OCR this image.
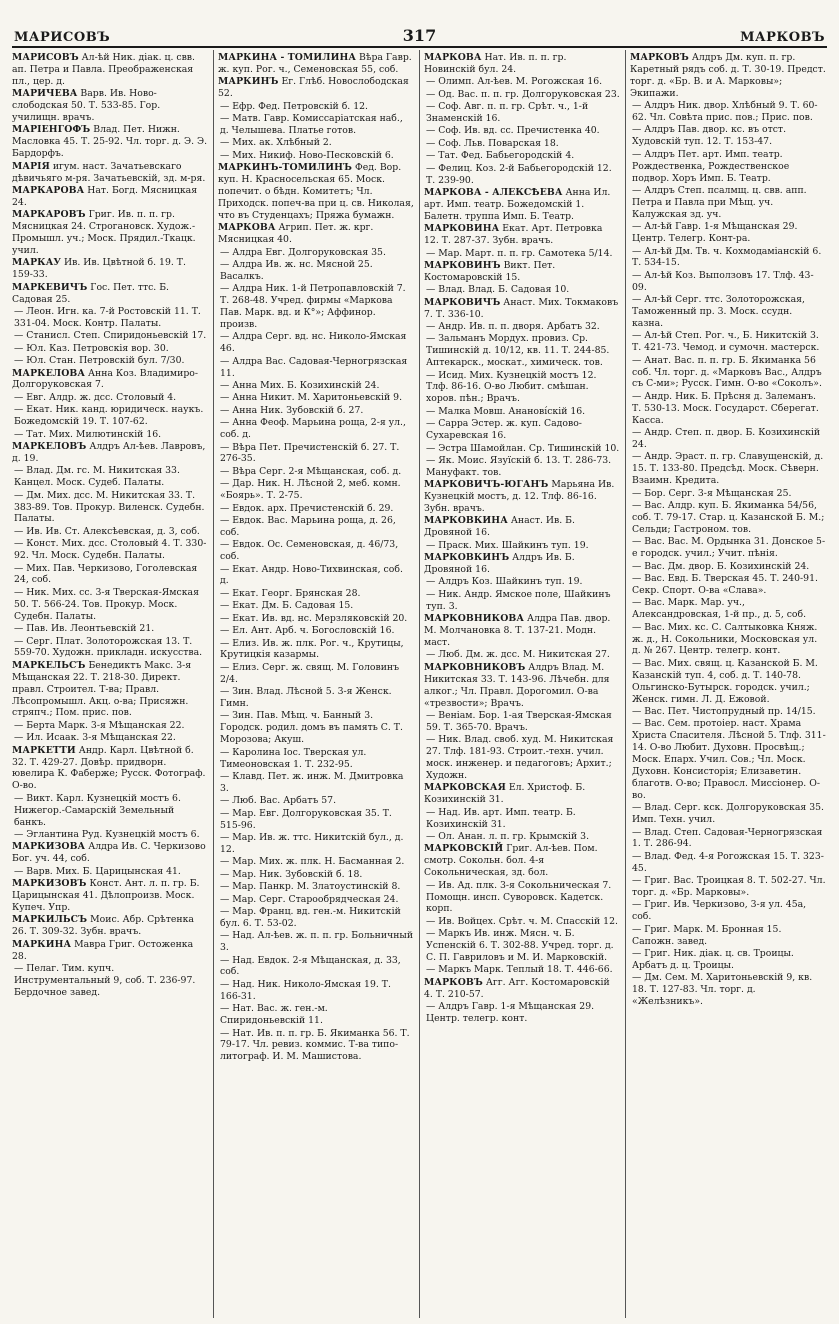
МАРИСОВЪ	317	МАРКОВЪ
МАРИСОВЪ Ал-ѣй Ник. діак. ц. свв. ап. Петра и Павла. Преображенская пл., цер. д.
МАРИЧЕВА Варв. Ив. Ново-слободская 50. Т. 533-85. Гор. училищн. врачъ.
МАРІЕНГОФЪ Влад. Пет. Нижн. Масловка 45. Т. 25-92. Чл. торг. д. Э. Э. Бардорфъ.
МАРІЯ игум. наст. Зачатьевскаго дѣвичьяго м-ря. Зачатьевскій, зд. м-ря.
МАРКАРОВА Нат. Богд. Мясницкая 24.
МАРКАРОВЪ Григ. Ив. п. п. гр. Мясницкая 24. Строгановск. Худож.-Промышл. уч.; Моск. Прядил.-Ткацк. учил.
МАРКАУ Ив. Ив. Цвѣтной б. 19. Т. 159-33.
МАРКЕВИЧЪ Гос. Пет. ттс. Б. Садовая 25.
— Леон. Игн. ка. 7-й Ростовскій 11. Т. 331-04. Моск. Контр. Палаты.
— Станисл. Степ. Спиридоньевскій 17.
— Юл. Каз. Петровскія вор. 30.
— Юл. Стан. Петровскій бул. 7/30.
МАРКЕЛОВА Анна Коз. Владимиро-Долгоруковская 7.
— Евг. Алдр. ж. дсс. Столовый 4.
— Екат. Ник. канд. юридическ. наукъ. Божедомскій 19. Т. 107-62.
— Тат. Мих. Милютинскій 16.
МАРКЕЛОВЪ Алдръ Ал-ѣев. Лавровъ, д. 19.
— Влад. Дм. гс. М. Никитская 33. Канцел. Моск. Судеб. Палаты.
— Дм. Мих. дсс. М. Никитская 33. Т. 383-89. Тов. Прокур. Виленск. Судебн. Палаты.
— Ив. Ив. Ст. Алексѣевская, д. 3, соб.
— Конст. Мих. дсс. Столовый 4. Т. 330-92. Чл. Моск. Судебн. Палаты.
— Мих. Пав. Черкизово, Гоголевская 24, соб.
— Ник. Мих. сс. 3-я Тверская-Ямская 50. Т. 566-24. Тов. Прокур. Моск. Судебн. Палаты.
— Пав. Ив. Леонтьевскій 21.
— Серг. Плат. Золоторожская 13. Т. 559-70. Художн. прикладн. искусства.
МАРКЕЛЬСЪ Бенедиктъ Макс. 3-я Мѣщанская 22. Т. 218-30. Директ. правл. Строител. Т-ва; Правл. Лѣсопромышл. Акц. о-ва; Присяжн. стряпч.; Пом. прис. пов.
— Берта Марк. 3-я Мѣщанская 22.
— Ил. Исаак. 3-я Мѣщанская 22.
МАРКЕТТИ Андр. Карл. Цвѣтной б. 32. Т. 429-27. Довѣр. придворн. ювелира К. Фаберже; Русск. Фотограф. О-во.
— Викт. Карл. Кузнецкій мостъ 6. Нижегор.-Самарскій Земельный банкъ.
— Эглантина Руд. Кузнецкій мостъ 6.
МАРКИЗОВА Алдра Ив. С. Черкизово Бог. уч. 44, соб.
— Варв. Мих. Б. Царицынская 41.
МАРКИЗОВЪ Конст. Ант. л. п. гр. Б. Царицынская 41. Дѣлопроизв. Моск. Купеч. Упр.
МАРКИЛЬСЪ Моис. Абр. Срѣтенка 26. Т. 309-32. Зубн. врачъ.
МАРКИНА Мавра Григ. Остоженка 28.
— Пелаг. Тим. купч. Инструментальный 9, соб. Т. 236-97. Бердочное завед.
МАРКИНА - ТОМИЛИНА Вѣра Гавр. ж. куп. Рог. ч., Семеновская 55, соб.
МАРКИНЪ Ег. Глѣб. Новослободская 52.
— Ефр. Фед. Петровскій б. 12.
— Матв. Гавр. Комиссаріатская наб., д. Челышева. Платье готов.
— Мих. ак. Хлѣбный 2.
— Мих. Никиф. Ново-Песковскій 6.
МАРКИНЪ-ТОМИЛИНЪ Фед. Вор. куп. Н. Красносельская 65. Моск. попечит. о бѣдн. Комитетъ; Чл. Приходск. попеч-ва при ц. св. Николая, что въ Студенцахъ; Пряжа бумажн.
МАРКОВА Агрип. Пет. ж. крг. Мясницкая 40.
— Алдра Евг. Долгоруковская 35.
— Алдра Ив. ж. нс. Мясной 25. Васалкъ.
— Алдра Ник. 1-й Петропавловскій 7. Т. 268-48. Учред. фирмы «Маркова Пав. Марк. вд. и К°»; Аффинор. произв.
— Алдра Серг. вд. нс. Николо-Ямская 46.
— Алдра Вас. Садовая-Черногрязская 11.
— Анна Мих. Б. Козихинскій 24.
— Анна Никит. М. Харитоньевскій 9.
— Анна Ник. Зубовскій б. 27.
— Анна Феоф. Марьина роща, 2-я ул., соб. д.
— Вѣра Пет. Пречистенскій б. 27. Т. 276-35.
— Вѣра Серг. 2-я Мѣщанская, соб. д.
— Дар. Ник. Н. Лѣсной 2, меб. комн. «Боярь». Т. 2-75.
— Евдок. арх. Пречистенскій б. 29.
— Евдок. Вас. Марьина роща, д. 26, соб.
— Евдок. Ос. Семеновская, д. 46/73, соб.
— Екат. Андр. Ново-Тихвинская, соб. д.
— Екат. Георг. Брянская 28.
— Екат. Дм. Б. Садовая 15.
— Екат. Ив. вд. нс. Мерзляковскій 20.
— Ел. Ант. Арб. ч. Богословскій 16.
— Елиз. Ив. ж. плк. Рог. ч., Крутицы, Крутицкія казармы.
— Елиз. Серг. ж. свящ. М. Головинъ 2/4.
— Зин. Влад. Лѣсной 5. 3-я Женск. Гимн.
— Зин. Пав. Мѣщ. ч. Банный 3. Городск. родил. домъ въ память С. Т. Морозова; Акуш.
— Каролина Іос. Тверская ул. Тимеоновская 1. Т. 232-95.
— Клавд. Пет. ж. инж. М. Дмитровка 3.
— Люб. Вас. Арбатъ 57.
— Мар. Евг. Долгоруковская 35. Т. 515-96.
— Мар. Ив. ж. ттс. Никитскій бул., д. 12.
— Мар. Мих. ж. плк. Н. Басманная 2.
— Мар. Ник. Зубовскій б. 18.
— Мар. Панкр. М. Златоустинскій 8.
— Мар. Серг. Старообрядческая 24.
— Мар. Франц. вд. ген.-м. Никитскій бул. 6. Т. 53-02.
— Над. Ал-ѣев. ж. п. п. гр. Больничный 3.
— Над. Евдок. 2-я Мѣщанская, д. 33, соб.
— Над. Ник. Николо-Ямская 19. Т. 166-31.
— Нат. Вас. ж. ген.-м. Спиридоньевскій 11.
— Нат. Ив. п. п. гр. Б. Якиманка 56. Т. 79-17. Чл. ревиз. коммис. Т-ва типо-литограф. И. М. Машистова.
МАРКОВА Нат. Ив. п. п. гр. Новинскій бул. 24.
— Олимп. Ал-ѣев. М. Рогожская 16.
— Од. Вас. п. п. гр. Долгоруковская 23.
— Соф. Авг. п. п. гр. Срѣт. ч., 1-й Знаменскій 16.
— Соф. Ив. вд. сс. Пречистенка 40.
— Соф. Льв. Поварская 18.
— Тат. Фед. Бабьегородскій 4.
— Фелиц. Коз. 2-й Бабьегородскій 12. Т. 239-90.
МАРКОВА - АЛЕКСѢЕВА Анна Ил. арт. Имп. театр. Божедомскій 1. Балетн. труппа Имп. Б. Театр.
МАРКОВИНА Екат. Арт. Петровка 12. Т. 287-37. Зубн. врачъ.
— Мар. Март. п. п. гр. Самотека 5/14.
МАРКОВИНЪ Викт. Пет. Костомаровскій 15.
— Влад. Влад. Б. Садовая 10.
МАРКОВИЧЪ Анаст. Мих. Токмаковъ 7. Т. 336-10.
— Андр. Ив. п. п. дворя. Арбатъ 32.
— Зальманъ Мордух. провиз. Ср. Тишинскій д. 10/12, кв. 11. Т. 244-85. Аптекарск., москат., химическ. тов.
— Исид. Мих. Кузнецкій мостъ 12. Тлф. 86-16. О-во Любит. смѣшан. хоров. пѣн.; Врачъ.
— Малка Мовш. Ананові́скій 16.
— Сарра Эстер. ж. куп. Садово-Сухаревская 16.
— Эстра Шамойлан. Ср. Тишинскій 10.
— Як. Моис. Язуїскій б. 13. Т. 286-73. Мануфакт. тов.
МАРКОВИЧЪ-ЮГАНЪ Марьяна Ив. Кузнецкій мостъ, д. 12. Тлф. 86-16. Зубн. врачъ.
МАРКОВКИНА Анаст. Ив. Б. Дровяной 16.
— Праск. Мих. Шайкинъ туп. 19.
МАРКОВКИНЪ Алдръ Ив. Б. Дровяной 16.
— Алдръ Коз. Шайкинъ туп. 19.
— Ник. Андр. Ямское поле, Шайкинъ туп. 3.
МАРКОВНИКОВА Алдра Пав. двор. М. Молчановка 8. Т. 137-21. Модн. маст.
— Люб. Дм. ж. дсс. М. Никитская 27.
МАРКОВНИКОВЪ Алдръ Влад. М. Никитская 33. Т. 143-96. Лѣчебн. для алког.; Чл. Правл. Дорогомил. О-ва «трезвости»; Врачъ.
— Веніам. Бор. 1-ая Тверская-Ямская 59. Т. 365-70. Врачъ.
— Ник. Влад. своб. худ. М. Никитская 27. Тлф. 181-93. Строит.-техн. учил. моск. инженер. и педагоговъ; Архит.; Художн.
МАРКОВСКАЯ Ел. Христоф. Б. Козихинскій 31.
— Над. Ив. арт. Имп. театр. Б. Козихинскій 31.
— Ол. Анан. л. п. гр. Крымскій 3.
МАРКОВСКІЙ Григ. Ал-ѣев. Пом. смотр. Сокольн. бол. 4-я Сокольническая, зд. бол.
— Ив. Ад. плк. 3-я Сокольническая 7. Помощн. инсп. Суворовск. Кадетск. корп.
— Ив. Войцех. Срѣт. ч. М. Спасскій 12.
— Маркъ Ив. инж. Мясн. ч. Б. Успенскій 6. Т. 302-88. Учред. торг. д. С. П. Гавриловъ и М. И. Марковскій.
— Маркъ Марк. Теплый 18. Т. 446-66.
МАРКОВЪ Агг. Агг. Костомаровскій 4. Т. 210-57.
— Алдръ Гавр. 1-я Мѣщанская 29. Центр. телегр. конт.
МАРКОВЪ Алдръ Дм. куп. п. гр. Каретный рядъ соб. д. Т. 30-19. Предст. торг. д. «Бр. В. и А. Марковы»; Экипажи.
— Алдръ Ник. двор. Хлѣбный 9. Т. 60-62. Чл. Совѣта прис. пов.; Прис. пов.
— Алдръ Пав. двор. кс. въ отст. Худовскій туп. 12. Т. 153-47.
— Алдръ Пет. арт. Имп. театр. Рождественка, Рождественское подвор. Хоръ Имп. Б. Театр.
— Алдръ Степ. псалмщ. ц. свв. апп. Петра и Павла при Мѣщ. уч. Калужская зд. уч.
— Ал-ѣй Гавр. 1-я Мѣщанская 29. Центр. Телегр. Конт-ра.
— Ал-ѣй Дм. Тв. ч. Кохмодаміанскій 6. Т. 534-15.
— Ал-ѣй Коз. Выползовъ 17. Тлф. 43-09.
— Ал-ѣй Серг. ттс. Золоторожская, Таможенный пр. 3. Моск. ссудн. казна.
— Ал-ѣй Степ. Рог. ч., Б. Никитскій 3. Т. 421-73. Чемод. и сумочн. мастерск.
— Анат. Вас. п. п. гр. Б. Якиманка 56 соб. Чл. торг. д. «Марковъ Вас., Алдръ съ С-ми»; Русск. Гимн. О-во «Соколъ».
— Андр. Ник. Б. Прѣсня д. Залеманъ. Т. 530-13. Моск. Государст. Сберегат. Касса.
— Андр. Степ. п. двор. Б. Козихинскій 24.
— Андр. Эраст. п. гр. Славущенскій, д. 15. Т. 133-80. Предсѣд. Моск. Сѣверн. Взаимн. Кредита.
— Бор. Серг. 3-я Мѣщанская 25.
— Вас. Алдр. куп. Б. Якиманка 54/56, соб. Т. 79-17. Стар. ц. Казанской Б. М.; Сельди; Гастроном. тов.
— Вас. Вас. М. Ордынка 31. Донское 5-е городск. учил.; Учит. пѣнія.
— Вас. Дм. двор. Б. Козихинскій 24.
— Вас. Евд. Б. Тверская 45. Т. 240-91. Секр. Спорт. О-ва «Слава».
— Вас. Марк. Мар. уч., Александровская, 1-й пр., д. 5, соб.
— Вас. Мих. кс. С. Салтыковка Княж. ж. д., Н. Сокольники, Московская ул. д. № 267. Центр. телегр. конт.
— Вас. Мих. свящ. ц. Казанской Б. М. Казанскій туп. 4, соб. д. Т. 140-78. Ольгинско-Бутырск. городск. учил.; Женск. гимн. Л. Д. Ежовой.
— Вас. Пет. Чистопрудный пр. 14/15.
— Вас. Сем. протоіер. наст. Храма Христа Спасителя. Лѣсной 5. Тлф. 311-14. О-во Любит. Духовн. Просвѣщ.; Моск. Епарх. Учил. Сов.; Чл. Моск. Духовн. Консисторія; Елизаветин. благотв. О-во; Правосл. Миссіонер. О-во.
— Влад. Серг. кск. Долгоруковская 35. Имп. Техн. учил.
— Влад. Степ. Садовая-Черногрязская 1. Т. 286-94.
— Влад. Фед. 4-я Рогожская 15. Т. 323-45.
— Григ. Вас. Троицкая 8. Т. 502-27. Чл. торг. д. «Бр. Марковы».
— Григ. Ив. Черкизово, 3-я ул. 45а, соб.
— Григ. Марк. М. Бронная 15. Сапожн. завед.
— Григ. Ник. діак. ц. св. Троицы. Арбатъ д. ц. Троицы.
— Дм. Сем. М. Харитоньевскій 9, кв. 18. Т. 127-83. Чл. торг. д. «Желѣзникъ».
